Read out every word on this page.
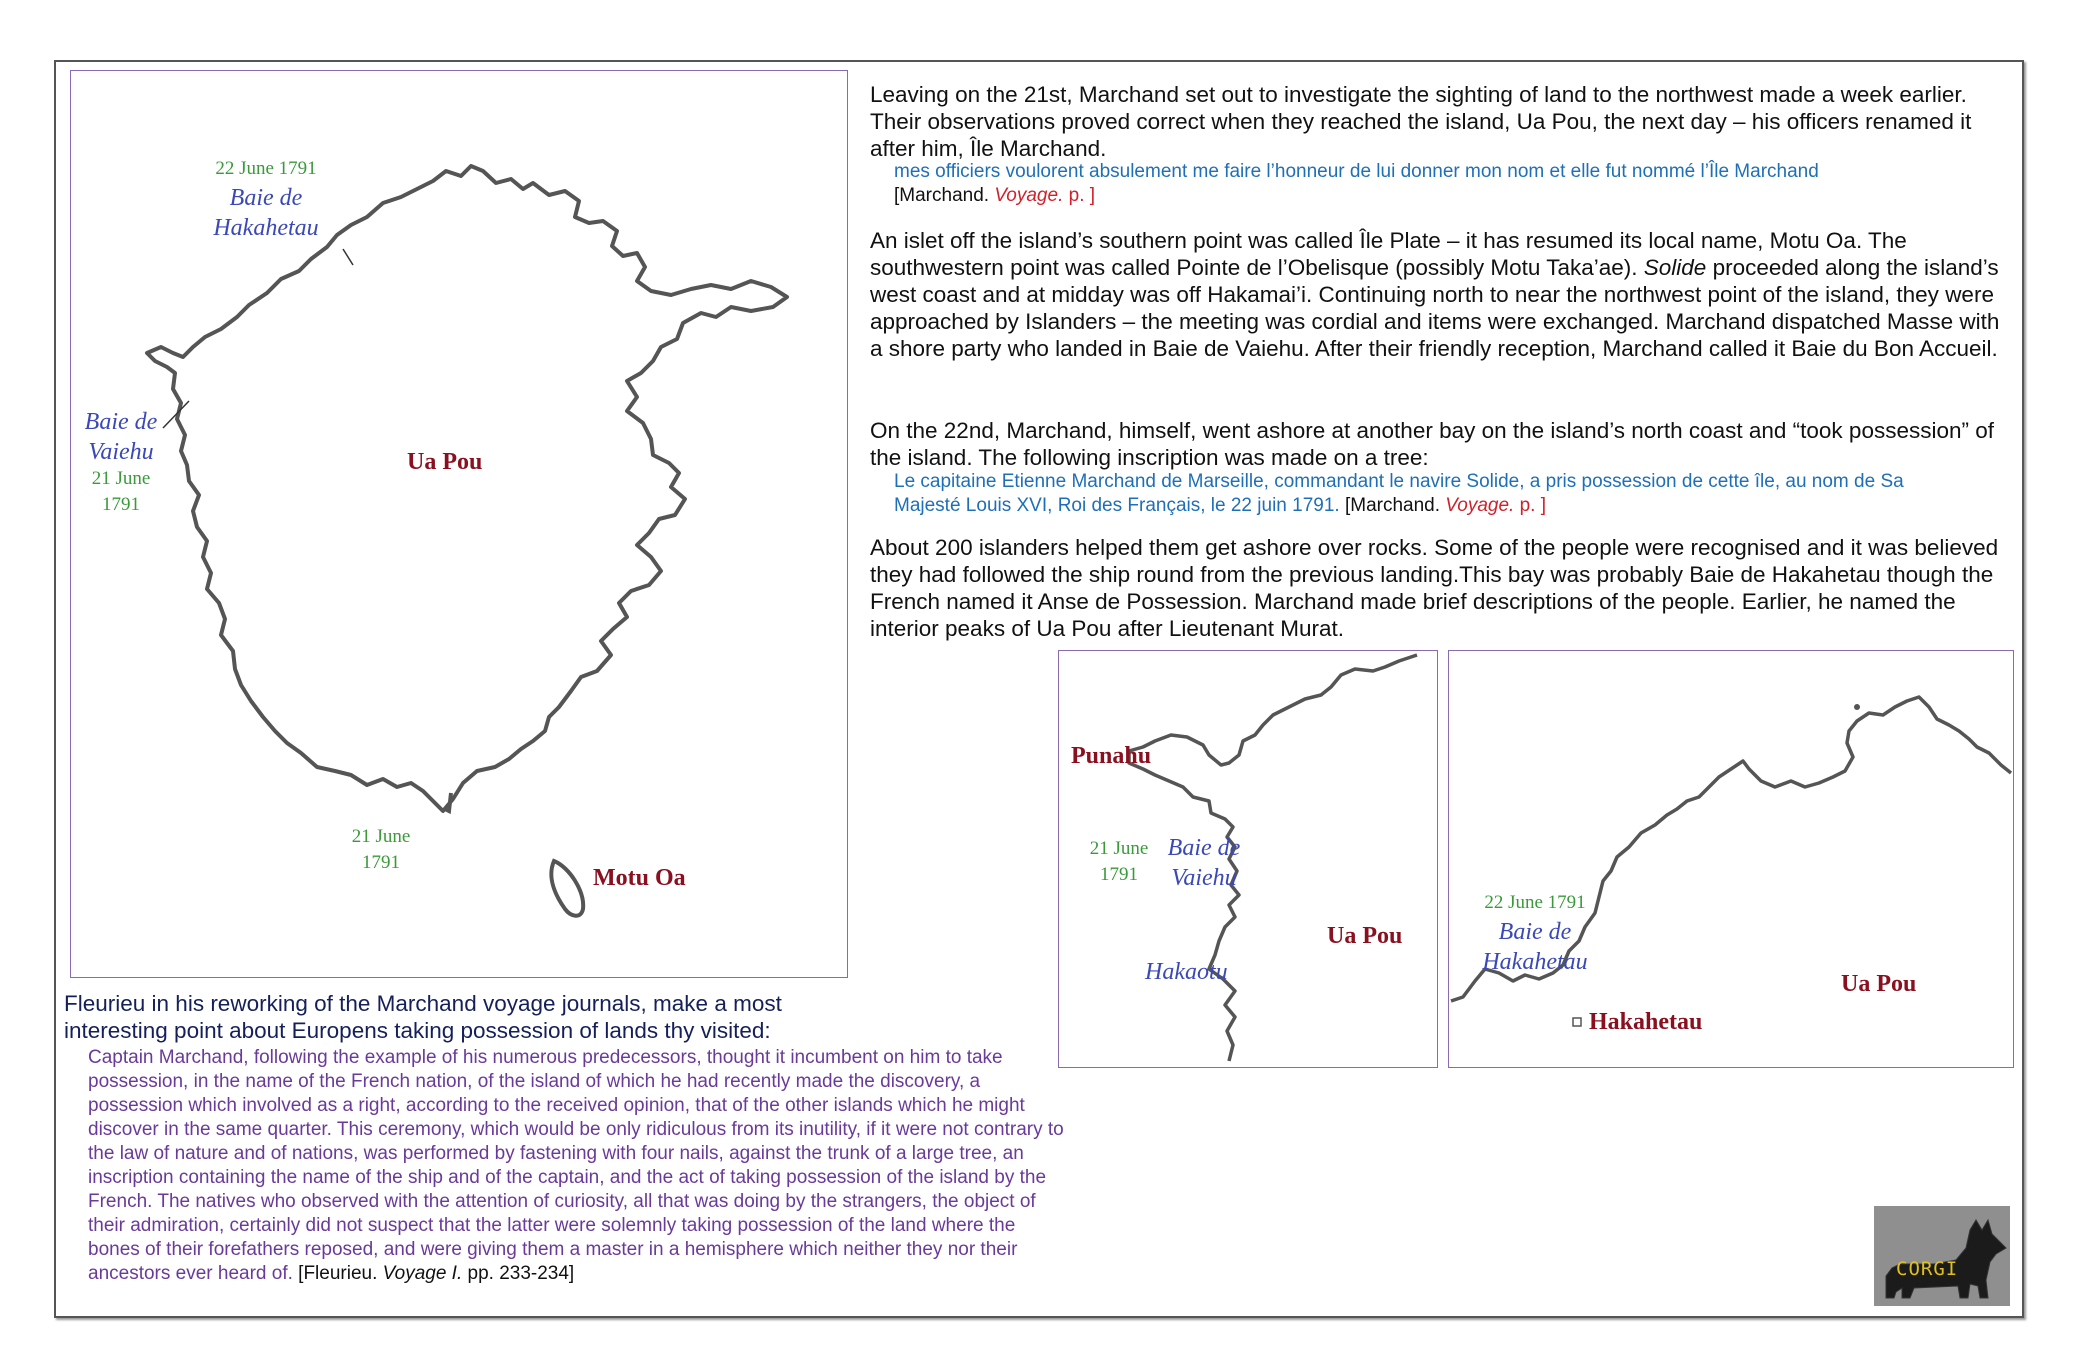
22 June 1791
Baie de
Hakahetau
Baie de
Vaiehu
21 June
1791
Ua Pou
21 June
1791
Motu Oa
Leaving on the 21st, Marchand set out to investigate the sighting of land to the northwest made a week earlier. Their observations proved correct when they reached the island, Ua Pou, the next day – his officers renamed it after him, Île Marchand.
mes officiers voulorent absulement me faire l’honneur de lui donner mon nom et elle fut nommé l’Île Marchand
[Marchand. Voyage. p. ]
An islet off the island’s southern point was called Île Plate – it has resumed its local name, Motu Oa. The southwestern point was called Pointe de l’Obelisque (possibly Motu Taka’ae). Solide proceeded along the island’s west coast and at midday was off Hakamai’i. Continuing north to near the northwest point of the island, they were approached by Islanders – the meeting was cordial and items were exchanged. Marchand dispatched Masse with a shore party who landed in Baie de Vaiehu. After their friendly reception, Marchand called it Baie du Bon Accueil.
On the 22nd, Marchand, himself, went ashore at another bay on the island’s north coast and “took possession” of the island. The following inscription was made on a tree:
Le capitaine Etienne Marchand de Marseille, commandant le navire Solide, a pris possession de cette île, au nom de Sa Majesté Louis XVI, Roi des Français, le 22 juin 1791. [Marchand. Voyage. p. ]
About 200 islanders helped them get ashore over rocks. Some of the people were recognised and it was believed they had followed the ship round from the previous landing.This bay was probably Baie de Hakahetau though the French named it Anse de Possession. Marchand made brief descriptions of the people. Earlier, he named the interior peaks of Ua Pou after Lieutenant Murat.
Punahu
21 June
1791
Baie de
Vaiehu
Hakaotu
Ua Pou
22 June 1791
Baie de
Hakahetau
Hakahetau
Ua Pou
Fleurieu in his reworking of the Marchand voyage journals, make a most interesting point about Europens taking possession of lands thy visited:
Captain Marchand, following the example of his numerous predecessors, thought it incumbent on him to take possession, in the name of the French nation, of the island of which he had recently made the discovery, a possession which involved as a right, according to the received opinion, that of the other islands which he might discover in the same quarter. This ceremony, which would be only ridiculous from its inutility, if it were not contrary to the law of nature and of nations, was performed by fastening with four nails, against the trunk of a large tree, an inscription containing the name of the ship and of the captain, and the act of taking possession of the island by the French. The natives who observed with the attention of curiosity, all that was doing by the strangers, the object of their admiration, certainly did not suspect that the latter were solemnly taking possession of the land where the bones of their forefathers reposed, and were giving them a master in a hemisphere which neither they nor their ancestors ever heard of. [Fleurieu. Voyage I. pp. 233-234]	CORGI
